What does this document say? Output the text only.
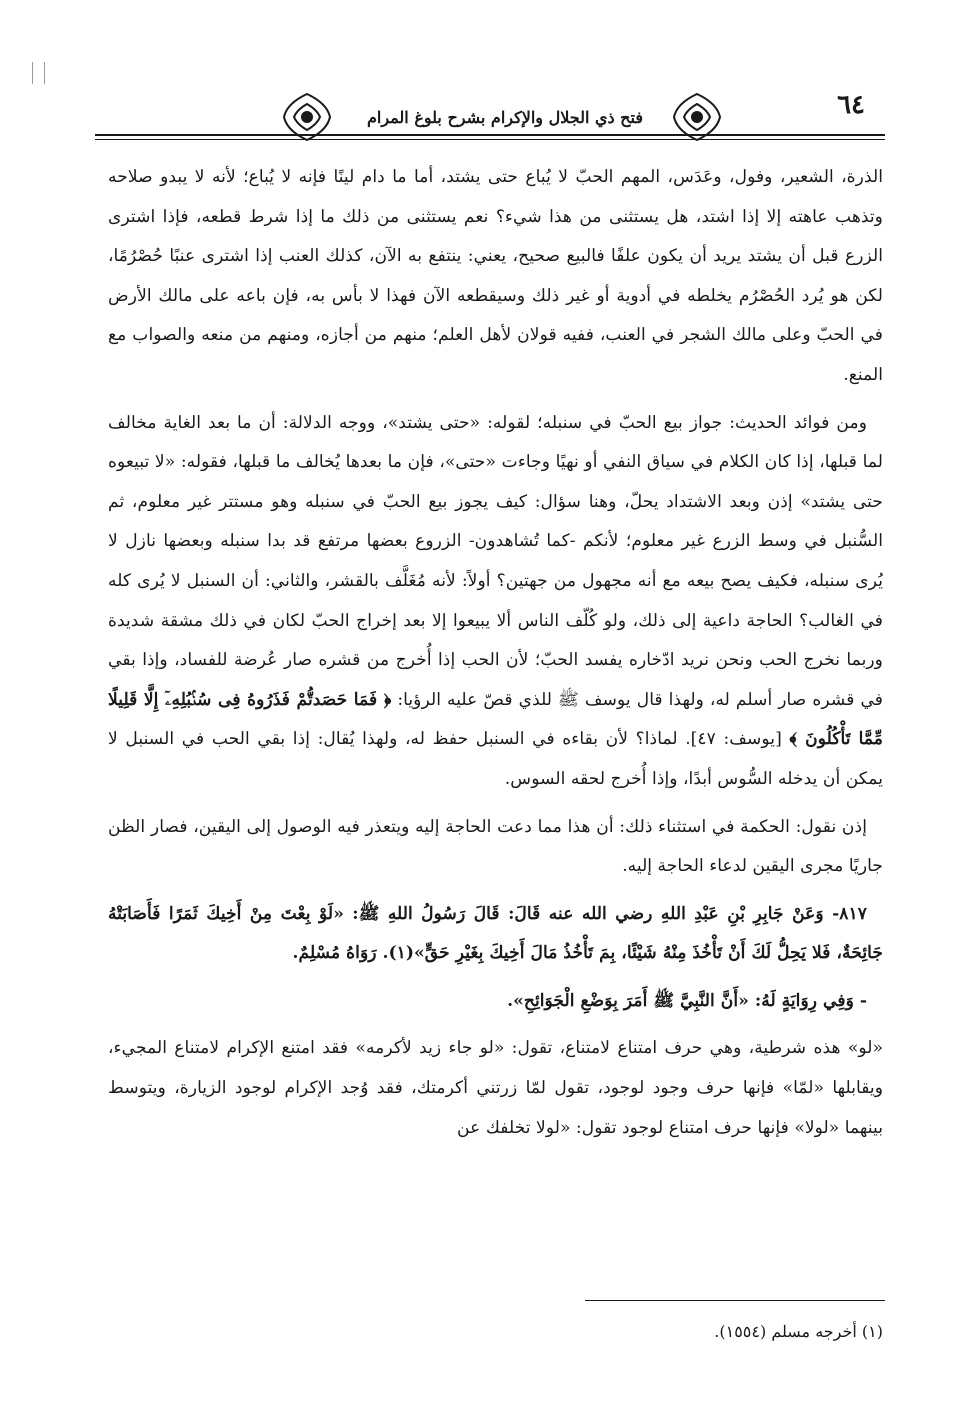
٦٤
فتح ذي الجلال والإكرام بشرح بلوغ المرام

الذرة، الشعير، وفول، وعَدَس، المهم الحبّ لا يُباع حتى يشتد، أما ما دام لينًا فإنه لا يُباع؛ لأنه لا يبدو صلاحه وتذهب عاهته إلا إذا اشتد، هل يستثنى من هذا شيء؟ نعم يستثنى من ذلك ما إذا شرط قطعه، فإذا اشترى الزرع قبل أن يشتد يريد أن يكون علفًا فالبيع صحيح، يعني: ينتفع به الآن، كذلك العنب إذا اشترى عنبًا حُصْرُمًا، لكن هو يُرد الحُصْرُم يخلطه في أدوية أو غير ذلك وسيقطعه الآن فهذا لا بأس به، فإن باعه على مالك الأرض في الحبّ وعلى مالك الشجر في العنب، ففيه قولان لأهل العلم؛ منهم من أجازه، ومنهم من منعه والصواب مع المنع.

ومن فوائد الحديث: جواز بيع الحبّ في سنبله؛ لقوله: «حتى يشتد»، ووجه الدلالة: أن ما بعد الغاية مخالف لما قبلها، إذا كان الكلام في سياق النفي أو نهيًا وجاءت «حتى»، فإن ما بعدها يُخالف ما قبلها، فقوله: «لا تبيعوه حتى يشتد» إذن وبعد الاشتداد يحلّ، وهنا سؤال: كيف يجوز بيع الحبّ في سنبله وهو مستتر غير معلوم، ثم السُّنبل في وسط الزرع غير معلوم؛ لأنكم -كما تُشاهدون- الزروع بعضها مرتفع قد بدا سنبله وبعضها نازل لا يُرى سنبله، فكيف يصح بيعه مع أنه مجهول من جهتين؟ أولاً: لأنه مُغَلَّف بالقشر، والثاني: أن السنبل لا يُرى كله في الغالب؟ الحاجة داعية إلى ذلك، ولو كُلّف الناس ألا يبيعوا إلا بعد إخراج الحبّ لكان في ذلك مشقة شديدة وربما نخرج الحب ونحن نريد ادّخاره يفسد الحبّ؛ لأن الحب إذا أُخرج من قشره صار عُرضة للفساد، وإذا بقي في قشره صار أسلم له، ولهذا قال يوسف ﷺ للذي قصّ عليه الرؤيا: ﴿ فَمَا حَصَدتُّمْ فَذَرُوهُ فِى سُنۢبُلِهِۦٓ إِلَّا قَلِيلًا مِّمَّا تَأْكُلُونَ ﴾ [يوسف: ٤٧]. لماذا؟ لأن بقاءه في السنبل حفظ له، ولهذا يُقال: إذا بقي الحب في السنبل لا يمكن أن يدخله السُّوس أبدًا، وإذا أُخرج لحقه السوس.

إذن نقول: الحكمة في استثناء ذلك: أن هذا مما دعت الحاجة إليه ويتعذر فيه الوصول إلى اليقين، فصار الظن جاريًا مجرى اليقين لدعاء الحاجة إليه.

٨١٧- وَعَنْ جَابِرِ بْنِ عَبْدِ اللهِ رضي الله عنه قَالَ: قَالَ رَسُولُ اللهِ ﷺ: «لَوْ بِعْتَ مِنْ أَخِيكَ ثَمَرًا فَأَصَابَتْهُ جَائِحَةٌ، فَلا يَحِلُّ لَكَ أَنْ تَأْخُذَ مِنْهُ شَيْئًا، بِمَ تَأْخُذُ مَالَ أَخِيكَ بِغَيْرِ حَقٍّ»(١). رَوَاهُ مُسْلِمٌ.

- وَفِي رِوَايَةٍ لَهُ: «أَنَّ النَّبِيَّ ﷺ أَمَرَ بِوَضْعِ الْجَوَائِحِ».

«لو» هذه شرطية، وهي حرف امتناع لامتناع، تقول: «لو جاء زيد لأكرمه» فقد امتنع الإكرام لامتناع المجيء، ويقابلها «لمّا» فإنها حرف وجود لوجود، تقول لمّا زرتني أكرمتك، فقد وُجد الإكرام لوجود الزيارة، ويتوسط بينهما «لولا» فإنها حرف امتناع لوجود تقول: «لولا تخلفك عن

(١) أخرجه مسلم (١٥٥٤).
